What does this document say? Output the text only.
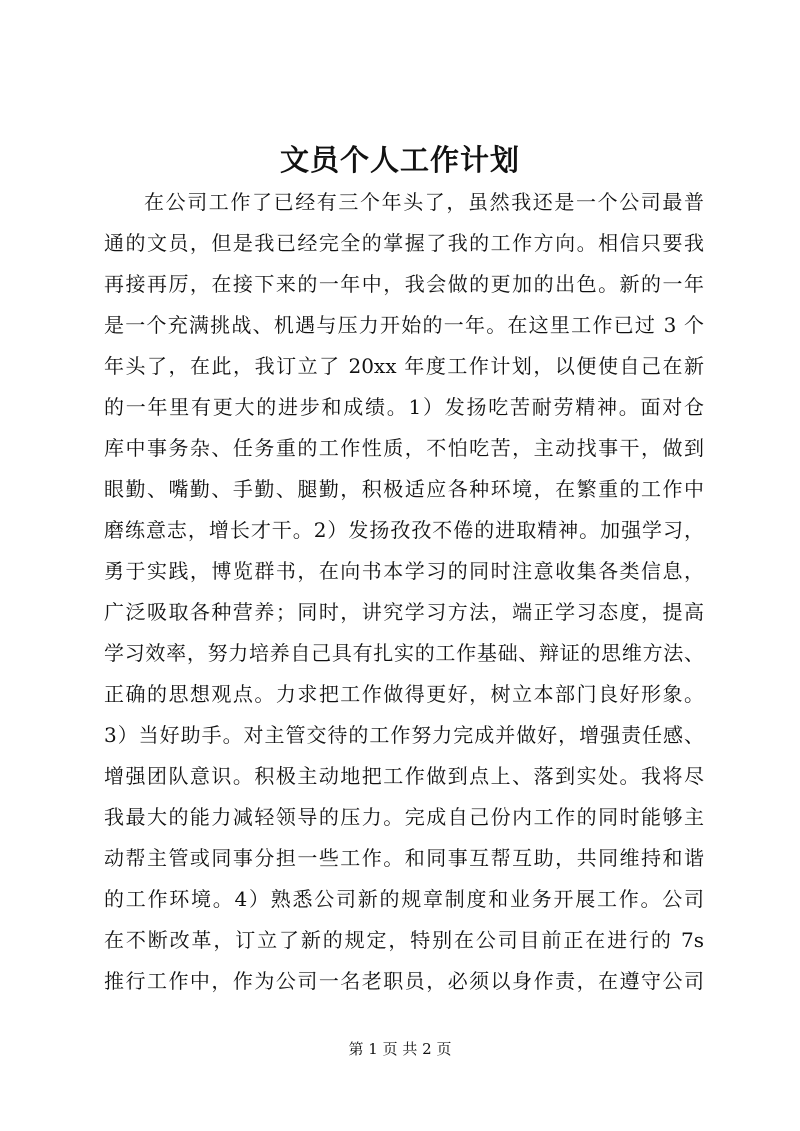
文员个人工作计划
在公司工作了已经有三个年头了，虽然我还是一个公司最普
通的文员，但是我已经完全的掌握了我的工作方向。相信只要我
再接再厉，在接下来的一年中，我会做的更加的出色。新的一年
是一个充满挑战、机遇与压力开始的一年。在这里工作已过 3 个
年头了，在此，我订立了 20xx 年度工作计划，以便使自己在新
的一年里有更大的进步和成绩。1）发扬吃苦耐劳精神。面对仓
库中事务杂、任务重的工作性质，不怕吃苦，主动找事干，做到
眼勤、嘴勤、手勤、腿勤，积极适应各种环境，在繁重的工作中
磨练意志，增长才干。2）发扬孜孜不倦的进取精神。加强学习，
勇于实践，博览群书，在向书本学习的同时注意收集各类信息，
广泛吸取各种营养；同时，讲究学习方法，端正学习态度，提高
学习效率，努力培养自己具有扎实的工作基础、辩证的思维方法、
正确的思想观点。力求把工作做得更好，树立本部门良好形象。
3）当好助手。对主管交待的工作努力完成并做好，增强责任感、
增强团队意识。积极主动地把工作做到点上、落到实处。我将尽
我最大的能力减轻领导的压力。完成自己份内工作的同时能够主
动帮主管或同事分担一些工作。和同事互帮互助，共同维持和谐
的工作环境。4）熟悉公司新的规章制度和业务开展工作。公司
在不断改革，订立了新的规定，特别在公司目前正在进行的 7s
推行工作中，作为公司一名老职员，必须以身作责，在遵守公司
第 1 页 共 2 页
